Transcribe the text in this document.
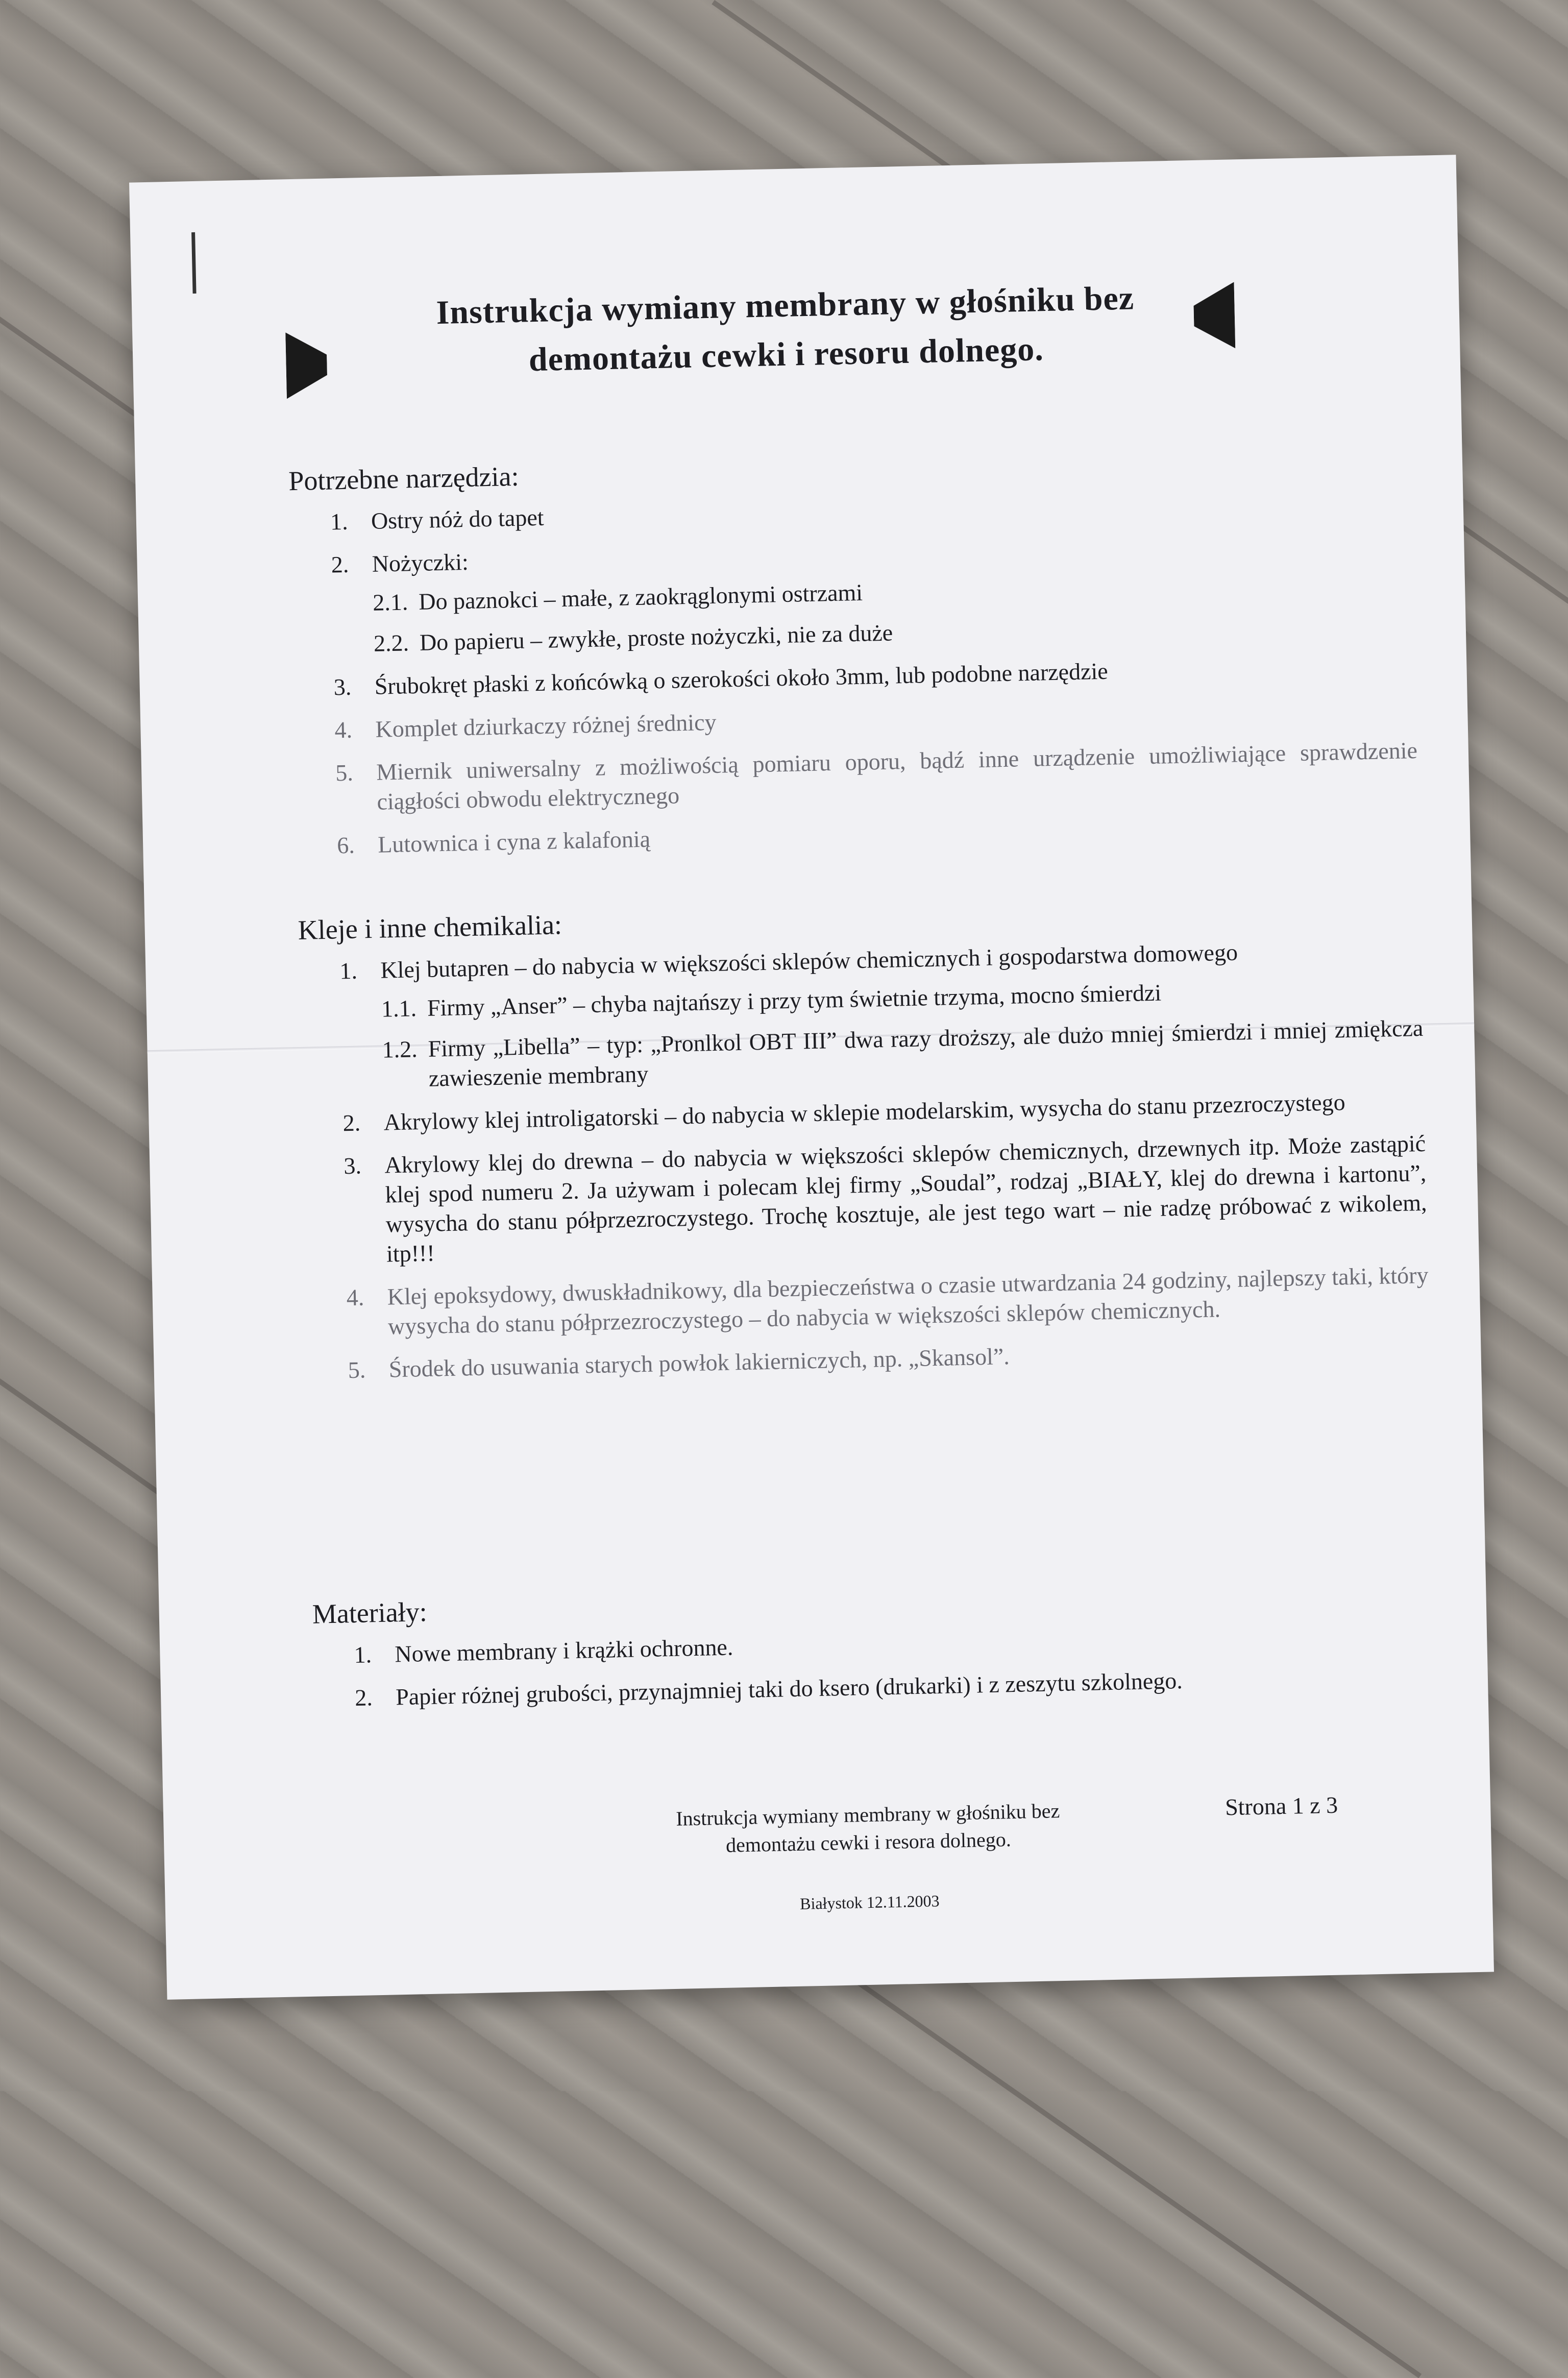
Instrukcja wymiany membrany w głośniku bez
demontażu cewki i resoru dolnego.
Potrzebne narzędzia:
1. Ostry nóż do tapet
2. Nożyczki:
2.1. Do paznokci – małe, z zaokrąglonymi ostrzami
2.2. Do papieru – zwykłe, proste nożyczki, nie za duże
3. Śrubokręt płaski z końcówką o szerokości około 3mm, lub podobne narzędzie
4. Komplet dziurkaczy różnej średnicy
5. Miernik uniwersalny z możliwością pomiaru oporu, bądź inne urządzenie umożliwiające sprawdzenie ciągłości obwodu elektrycznego
6. Lutownica i cyna z kalafonią
Kleje i inne chemikalia:
1. Klej butapren – do nabycia w większości sklepów chemicznych i gospodarstwa domowego
1.1. Firmy „Anser” – chyba najtańszy i przy tym świetnie trzyma, mocno śmierdzi
1.2. Firmy „Libella” – typ: „Pronlkol OBT III” dwa razy droższy, ale dużo mniej śmierdzi i mniej zmiękcza zawieszenie membrany
2. Akrylowy klej introligatorski – do nabycia w sklepie modelarskim, wysycha do stanu przezroczystego
3. Akrylowy klej do drewna – do nabycia w większości sklepów chemicznych, drzewnych itp. Może zastąpić klej spod numeru 2. Ja używam i polecam klej firmy „Soudal”, rodzaj „BIAŁY, klej do drewna i kartonu”, wysycha do stanu półprzezroczystego. Trochę kosztuje, ale jest tego wart – nie radzę próbować z wikolem, itp!!!
4. Klej epoksydowy, dwuskładnikowy, dla bezpieczeństwa o czasie utwardzania 24 godziny, najlepszy taki, który wysycha do stanu półprzezroczystego – do nabycia w większości sklepów chemicznych.
5. Środek do usuwania starych powłok lakierniczych, np. „Skansol”.
Materiały:
1. Nowe membrany i krążki ochronne.
2. Papier różnej grubości, przynajmniej taki do ksero (drukarki) i z zeszytu szkolnego.
Instrukcja wymiany membrany w głośniku bez
demontażu cewki i resora dolnego.
Strona 1 z 3
Białystok 12.11.2003
